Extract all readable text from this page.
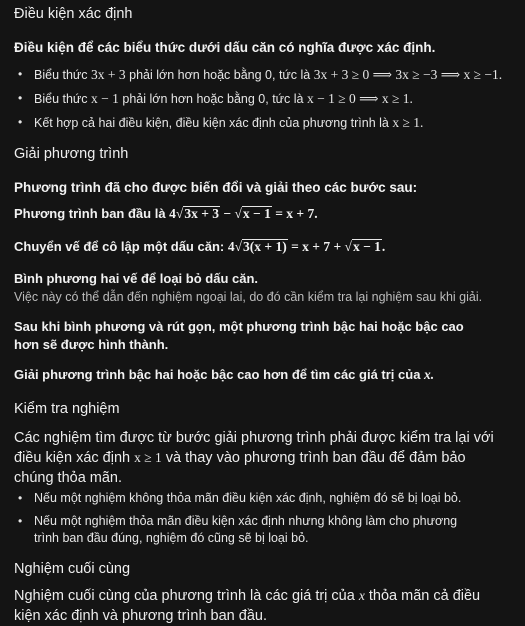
Điều kiện xác định

Điều kiện để các biểu thức dưới dấu căn có nghĩa được xác định.

• Biểu thức 3x + 3 phải lớn hơn hoặc bằng 0, tức là 3x + 3 ≥ 0 ⟹ 3x ≥ −3 ⟹ x ≥ −1.
• Biểu thức x − 1 phải lớn hơn hoặc bằng 0, tức là x − 1 ≥ 0 ⟹ x ≥ 1.
• Kết hợp cả hai điều kiện, điều kiện xác định của phương trình là x ≥ 1.
Giải phương trình

Phương trình đã cho được biến đổi và giải theo các bước sau:

Phương trình ban đầu là 4√3x + 3 − √x − 1 = x + 7.

Chuyển vế để cô lập một dấu căn: 4√3(x + 1) = x + 7 + √x − 1.

Bình phương hai vế để loại bỏ dấu căn.

Việc này có thể dẫn đến nghiệm ngoại lai, do đó cần kiểm tra lại nghiệm sau khi giải.

Sau khi bình phương và rút gọn, một phương trình bậc hai hoặc bậc cao hơn sẽ được hình thành.

Giải phương trình bậc hai hoặc bậc cao hơn để tìm các giá trị của x.

Kiểm tra nghiệm

Các nghiệm tìm được từ bước giải phương trình phải được kiểm tra lại với điều kiện xác định x ≥ 1 và thay vào phương trình ban đầu để đảm bảo chúng thỏa mãn.

• Nếu một nghiệm không thỏa mãn điều kiện xác định, nghiệm đó sẽ bị loại bỏ.
• Nếu một nghiệm thỏa mãn điều kiện xác định nhưng không làm cho phương trình ban đầu đúng, nghiệm đó cũng sẽ bị loại bỏ.
Nghiệm cuối cùng

Nghiệm cuối cùng của phương trình là các giá trị của x thỏa mãn cả điều kiện xác định và phương trình ban đầu.
